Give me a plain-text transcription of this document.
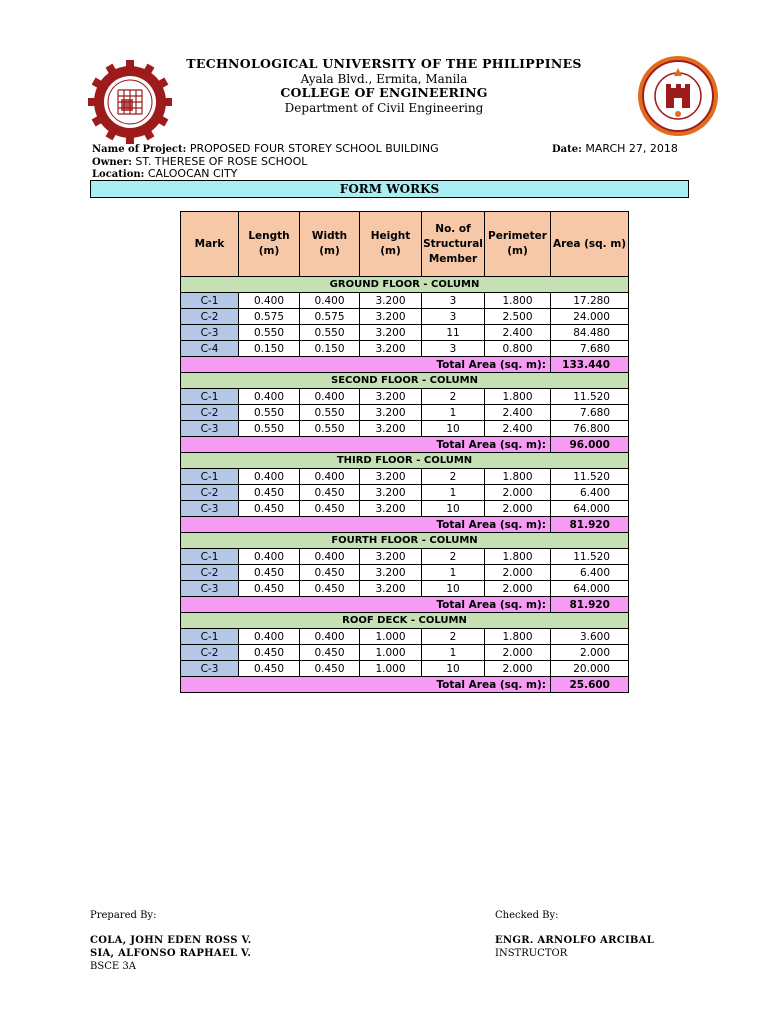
TECHNOLOGICAL UNIVERSITY OF THE PHILIPPINES
Ayala Blvd., Ermita, Manila
COLLEGE OF ENGINEERING
Department of Civil Engineering
Name of Project: PROPOSED FOUR STOREY SCHOOL BUILDING	Date: MARCH 27, 2018
Owner: ST. THERESE OF ROSE SCHOOL
Location: CALOOCAN CITY
FORM WORKS
Mark	Length (m)	Width (m)	Height (m)	No. of Structural Member	Perimeter (m)	Area (sq. m)
GROUND FLOOR - COLUMN						
C-1	0.400	0.400	3.200	3	1.800	17.280
C-2	0.575	0.575	3.200	3	2.500	24.000
C-3	0.550	0.550	3.200	11	2.400	84.480
C-4	0.150	0.150	3.200	3	0.800	7.680
Total Area (sq. m):						133.440
SECOND FLOOR - COLUMN						
C-1	0.400	0.400	3.200	2	1.800	11.520
C-2	0.550	0.550	3.200	1	2.400	7.680
C-3	0.550	0.550	3.200	10	2.400	76.800
Total Area (sq. m):						96.000
THIRD FLOOR - COLUMN						
C-1	0.400	0.400	3.200	2	1.800	11.520
C-2	0.450	0.450	3.200	1	2.000	6.400
C-3	0.450	0.450	3.200	10	2.000	64.000
Total Area (sq. m):						81.920
FOURTH FLOOR - COLUMN						
C-1	0.400	0.400	3.200	2	1.800	11.520
C-2	0.450	0.450	3.200	1	2.000	6.400
C-3	0.450	0.450	3.200	10	2.000	64.000
Total Area (sq. m):						81.920
ROOF DECK - COLUMN						
C-1	0.400	0.400	1.000	2	1.800	3.600
C-2	0.450	0.450	1.000	1	2.000	2.000
C-3	0.450	0.450	1.000	10	2.000	20.000
Total Area (sq. m):						25.600
Prepared By:
COLA, JOHN EDEN ROSS V.
SIA, ALFONSO RAPHAEL V.
BSCE 3A
Checked By:
ENGR. ARNOLFO ARCIBAL
INSTRUCTOR
